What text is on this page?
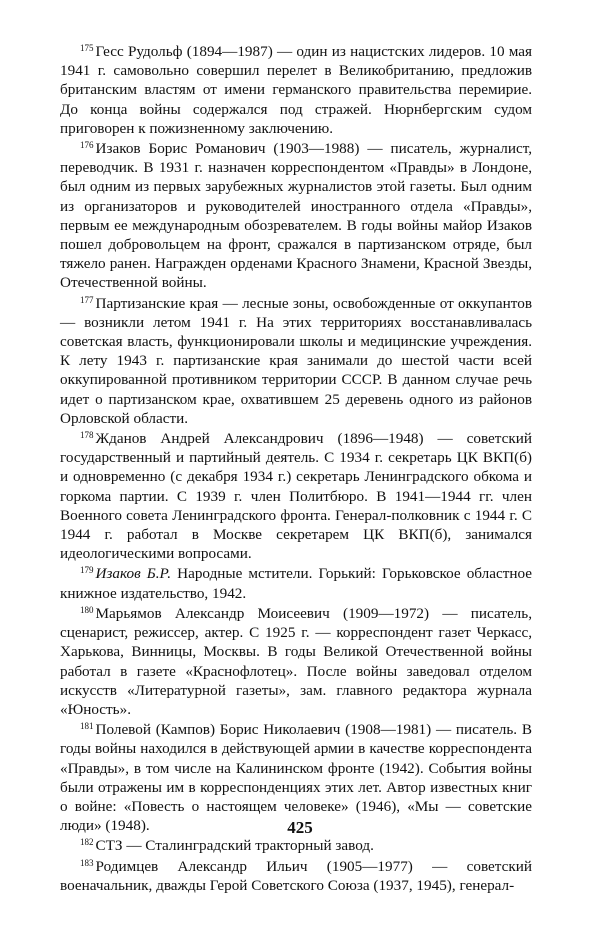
$^{175}$ Гесс Рудольф (1894—1987) — один из нацистских лидеров. 10 мая 1941 г. самовольно совершил перелет в Великобританию, предложив британским властям от имени германского правительства перемирие. До конца войны содержался под стражей. Нюрнбергским судом приговорен к пожизненному заключению.

$^{176}$ Изаков Борис Романович (1903—1988) — писатель, журналист, переводчик. В 1931 г. назначен корреспондентом «Правды» в Лондоне, был одним из первых зарубежных журналистов этой газеты. Был одним из организаторов и руководителей иностранного отдела «Правды», первым ее международным обозревателем. В годы войны майор Изаков пошел добровольцем на фронт, сражался в партизанском отряде, был тяжело ранен. Награжден орденами Красного Знамени, Красной Звезды, Отечественной войны.

$^{177}$ Партизанские края — лесные зоны, освобожденные от оккупантов — возникли летом 1941 г. На этих территориях восстанавливалась советская власть, функционировали школы и медицинские учреждения. К лету 1943 г. партизанские края занимали до шестой части всей оккупированной противником территории СССР. В данном случае речь идет о партизанском крае, охватившем 25 деревень одного из районов Орловской области.

$^{178}$ Жданов Андрей Александрович (1896—1948) — советский государственный и партийный деятель. С 1934 г. секретарь ЦК ВКП(б) и одновременно (с декабря 1934 г.) секретарь Ленинградского обкома и горкома партии. С 1939 г. член Политбюро. В 1941—1944 гг. член Военного совета Ленинградского фронта. Генерал-полковник с 1944 г. С 1944 г. работал в Москве секретарем ЦК ВКП(б), занимался идеологическими вопросами.

$^{179}$ Изаков Б.Р. Народные мстители. Горький: Горьковское областное книжное издательство, 1942.

$^{180}$ Марьямов Александр Моисеевич (1909—1972) — писатель, сценарист, режиссер, актер. С 1925 г. — корреспондент газет Черкасс, Харькова, Винницы, Москвы. В годы Великой Отечественной войны работал в газете «Краснофлотец». После войны заведовал отделом искусств «Литературной газеты», зам. главного редактора журнала «Юность».

$^{181}$ Полевой (Кампов) Борис Николаевич (1908—1981) — писатель. В годы войны находился в действующей армии в качестве корреспондента «Правды», в том числе на Калининском фронте (1942). События войны были отражены им в корреспонденциях этих лет. Автор известных книг о войне: «Повесть о настоящем человеке» (1946), «Мы — советские люди» (1948).

$^{182}$ СТЗ — Сталинградский тракторный завод.

$^{183}$ Родимцев Александр Ильич (1905—1977) — советский военачальник, дважды Герой Советского Союза (1937, 1945), генерал-

425
